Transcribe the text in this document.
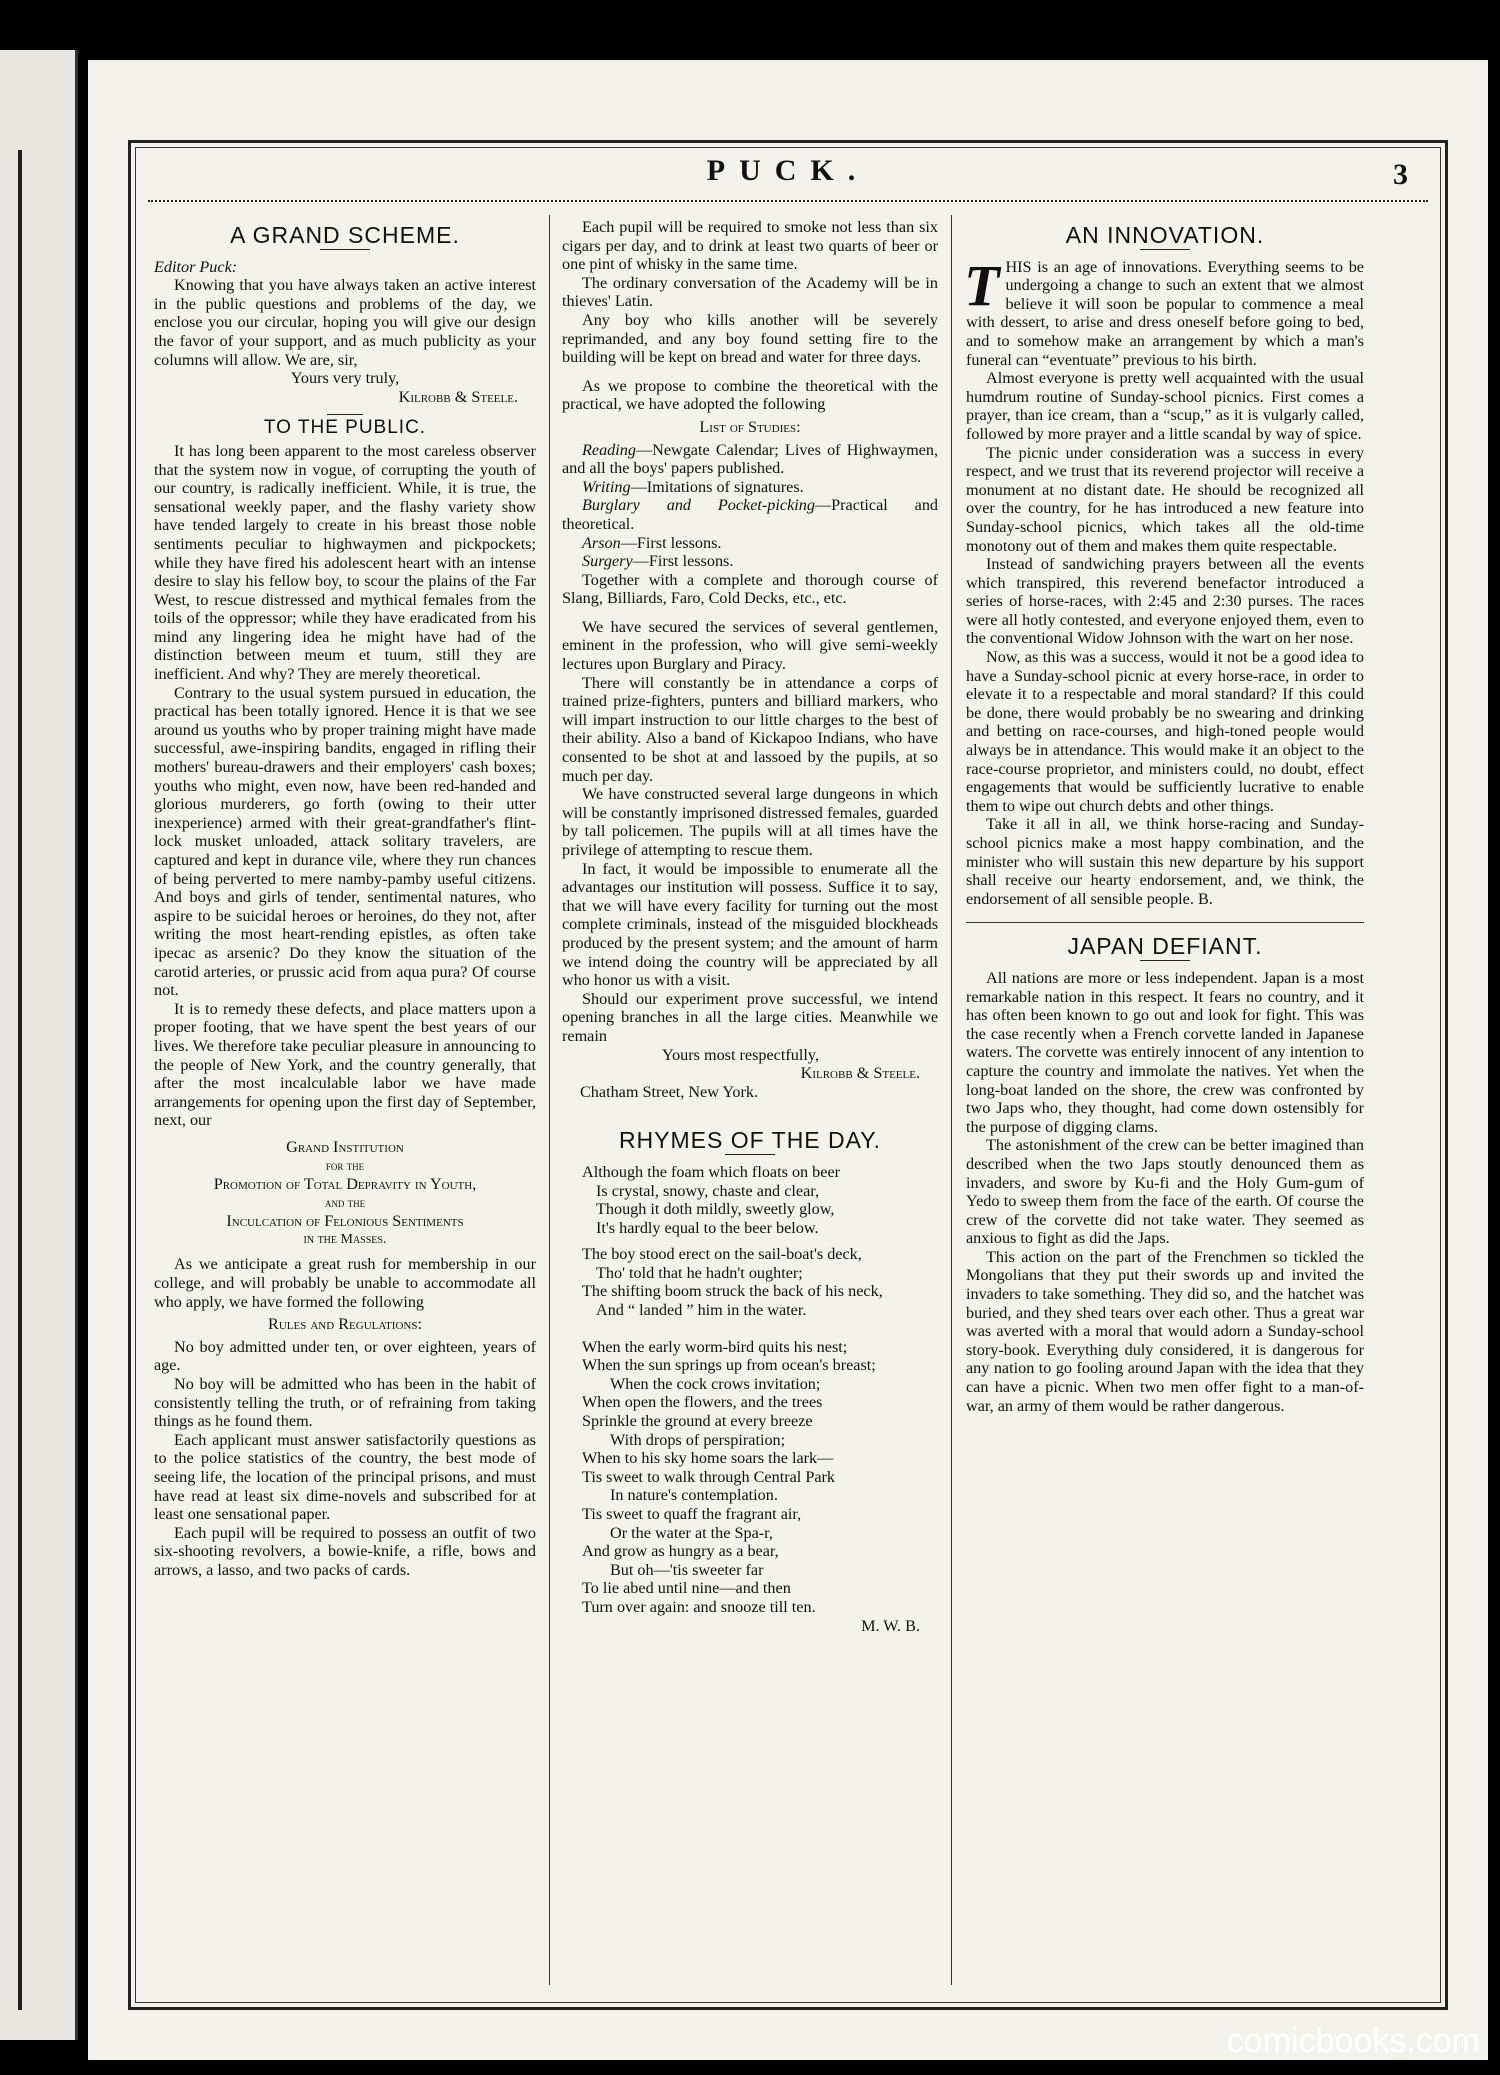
PUCK.	3
A GRAND SCHEME.

Editor Puck:

Knowing that you have always taken an active interest in the public questions and problems of the day, we enclose you our circular, hoping you will give our design the favor of your support, and as much publicity as your columns will allow. We are, sir,

Yours very truly,

Kilrobb & Steele.

TO THE PUBLIC.

It has long been apparent to the most careless observer that the system now in vogue, of corrupting the youth of our country, is radically inefficient. While, it is true, the sensational weekly paper, and the flashy variety show have tended largely to create in his breast those noble sentiments peculiar to highwaymen and pickpockets; while they have fired his adolescent heart with an intense desire to slay his fellow boy, to scour the plains of the Far West, to rescue distressed and mythical females from the toils of the oppressor; while they have eradicated from his mind any lingering idea he might have had of the distinction between meum et tuum, still they are inefficient. And why? They are merely theoretical.

Contrary to the usual system pursued in education, the practical has been totally ignored. Hence it is that we see around us youths who by proper training might have made successful, awe-inspiring bandits, engaged in rifling their mothers' bureau-drawers and their employers' cash boxes; youths who might, even now, have been red-handed and glorious murderers, go forth (owing to their utter inexperience) armed with their great-grandfather's flint-lock musket unloaded, attack solitary travelers, are captured and kept in durance vile, where they run chances of being perverted to mere namby-pamby useful citizens. And boys and girls of tender, sentimental natures, who aspire to be suicidal heroes or heroines, do they not, after writing the most heart-rending epistles, as often take ipecac as arsenic? Do they know the situation of the carotid arteries, or prussic acid from aqua pura? Of course not.

It is to remedy these defects, and place matters upon a proper footing, that we have spent the best years of our lives. We therefore take peculiar pleasure in announcing to the people of New York, and the country generally, that after the most incalculable labor we have made arrangements for opening upon the first day of September, next, our

Grand Institution

for the

Promotion of Total Depravity in Youth,

and the

Inculcation of Felonious Sentiments

in the Masses.

As we anticipate a great rush for membership in our college, and will probably be unable to accommodate all who apply, we have formed the following

Rules and Regulations:

No boy admitted under ten, or over eighteen, years of age.

No boy will be admitted who has been in the habit of consistently telling the truth, or of refraining from taking things as he found them.

Each applicant must answer satisfactorily questions as to the police statistics of the country, the best mode of seeing life, the location of the principal prisons, and must have read at least six dime-novels and subscribed for at least one sensational paper.

Each pupil will be required to possess an outfit of two six-shooting revolvers, a bowie-knife, a rifle, bows and arrows, a lasso, and two packs of cards.

Each pupil will be required to smoke not less than six cigars per day, and to drink at least two quarts of beer or one pint of whisky in the same time.

The ordinary conversation of the Academy will be in thieves' Latin.

Any boy who kills another will be severely reprimanded, and any boy found setting fire to the building will be kept on bread and water for three days.

As we propose to combine the theoretical with the practical, we have adopted the following

List of Studies:

Reading—Newgate Calendar; Lives of Highwaymen, and all the boys' papers published.

Writing—Imitations of signatures.

Burglary and Pocket-picking—Practical and theoretical.

Arson—First lessons.

Surgery—First lessons.

Together with a complete and thorough course of Slang, Billiards, Faro, Cold Decks, etc., etc.

We have secured the services of several gentlemen, eminent in the profession, who will give semi-weekly lectures upon Burglary and Piracy.

There will constantly be in attendance a corps of trained prize-fighters, punters and billiard markers, who will impart instruction to our little charges to the best of their ability. Also a band of Kickapoo Indians, who have consented to be shot at and lassoed by the pupils, at so much per day.

We have constructed several large dungeons in which will be constantly imprisoned distressed females, guarded by tall policemen. The pupils will at all times have the privilege of attempting to rescue them.

In fact, it would be impossible to enumerate all the advantages our institution will possess. Suffice it to say, that we will have every facility for turning out the most complete criminals, instead of the misguided blockheads produced by the present system; and the amount of harm we intend doing the country will be appreciated by all who honor us with a visit.

Should our experiment prove successful, we intend opening branches in all the large cities. Meanwhile we remain

Yours most respectfully,

Kilrobb & Steele.

Chatham Street, New York.

RHYMES OF THE DAY.

Although the foam which floats on beer

Is crystal, snowy, chaste and clear,

Though it doth mildly, sweetly glow,

It's hardly equal to the beer below.

The boy stood erect on the sail-boat's deck,

Tho' told that he hadn't oughter;

The shifting boom struck the back of his neck,

And “ landed ” him in the water.

When the early worm-bird quits his nest;

When the sun springs up from ocean's breast;

When the cock crows invitation;

When open the flowers, and the trees

Sprinkle the ground at every breeze

With drops of perspiration;

When to his sky home soars the lark—

Tis sweet to walk through Central Park

In nature's contemplation.

Tis sweet to quaff the fragrant air,

Or the water at the Spa-r,

And grow as hungry as a bear,

But oh—'tis sweeter far

To lie abed until nine—and then

Turn over again: and snooze till ten.

M. W. B.

AN INNOVATION.

THIS is an age of innovations. Everything seems to be undergoing a change to such an extent that we almost believe it will soon be popular to commence a meal with dessert, to arise and dress oneself before going to bed, and to somehow make an arrangement by which a man's funeral can “eventuate” previous to his birth.

Almost everyone is pretty well acquainted with the usual humdrum routine of Sunday-school picnics. First comes a prayer, than ice cream, than a “scup,” as it is vulgarly called, followed by more prayer and a little scandal by way of spice.

The picnic under consideration was a success in every respect, and we trust that its reverend projector will receive a monument at no distant date. He should be recognized all over the country, for he has introduced a new feature into Sunday-school picnics, which takes all the old-time monotony out of them and makes them quite respectable.

Instead of sandwiching prayers between all the events which transpired, this reverend benefactor introduced a series of horse-races, with 2:45 and 2:30 purses. The races were all hotly contested, and everyone enjoyed them, even to the conventional Widow Johnson with the wart on her nose.

Now, as this was a success, would it not be a good idea to have a Sunday-school picnic at every horse-race, in order to elevate it to a respectable and moral standard? If this could be done, there would probably be no swearing and drinking and betting on race-courses, and high-toned people would always be in attendance. This would make it an object to the race-course proprietor, and ministers could, no doubt, effect engagements that would be sufficiently lucrative to enable them to wipe out church debts and other things.

Take it all in all, we think horse-racing and Sunday-school picnics make a most happy combination, and the minister who will sustain this new departure by his support shall receive our hearty endorsement, and, we think, the endorsement of all sensible people. B.

JAPAN DEFIANT.

All nations are more or less independent. Japan is a most remarkable nation in this respect. It fears no country, and it has often been known to go out and look for fight. This was the case recently when a French corvette landed in Japanese waters. The corvette was entirely innocent of any intention to capture the country and immolate the natives. Yet when the long-boat landed on the shore, the crew was confronted by two Japs who, they thought, had come down ostensibly for the purpose of digging clams.

The astonishment of the crew can be better imagined than described when the two Japs stoutly denounced them as invaders, and swore by Ku-fi and the Holy Gum-gum of Yedo to sweep them from the face of the earth. Of course the crew of the corvette did not take water. They seemed as anxious to fight as did the Japs.

This action on the part of the Frenchmen so tickled the Mongolians that they put their swords up and invited the invaders to take something. They did so, and the hatchet was buried, and they shed tears over each other. Thus a great war was averted with a moral that would adorn a Sunday-school story-book. Everything duly considered, it is dangerous for any nation to go fooling around Japan with the idea that they can have a picnic. When two men offer fight to a man-of-war, an army of them would be rather dangerous.

comicbooks.com
